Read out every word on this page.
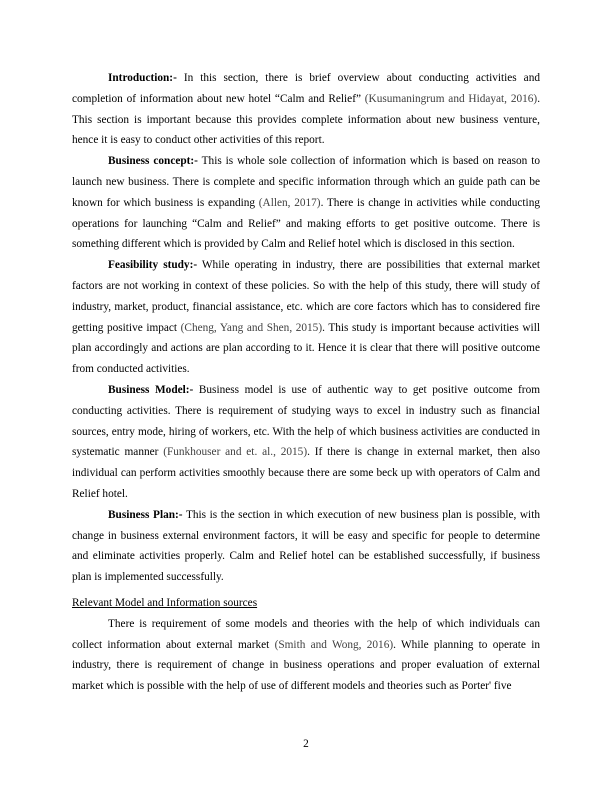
Introduction:- In this section, there is brief overview about conducting activities and completion of information about new hotel “Calm and Relief” (Kusumaningrum and Hidayat, 2016). This section is important because this provides complete information about new business venture, hence it is easy to conduct other activities of this report.

Business concept:- This is whole sole collection of information which is based on reason to launch new business. There is complete and specific information through which an guide path can be known for which business is expanding (Allen, 2017). There is change in activities while conducting operations for launching “Calm and Relief” and making efforts to get positive outcome. There is something different which is provided by Calm and Relief hotel which is disclosed in this section.

Feasibility study:- While operating in industry, there are possibilities that external market factors are not working in context of these policies. So with the help of this study, there will study of industry, market, product, financial assistance, etc. which are core factors which has to considered fire getting positive impact (Cheng, Yang and Shen, 2015). This study is important because activities will plan accordingly and actions are plan according to it. Hence it is clear that there will positive outcome from conducted activities.

Business Model:- Business model is use of authentic way to get positive outcome from conducting activities. There is requirement of studying ways to excel in industry such as financial sources, entry mode, hiring of workers, etc. With the help of which business activities are conducted in systematic manner (Funkhouser and et. al., 2015). If there is change in external market, then also individual can perform activities smoothly because there are some beck up with operators of Calm and Relief hotel.

Business Plan:- This is the section in which execution of new business plan is possible, with change in business external environment factors, it will be easy and specific for people to determine and eliminate activities properly. Calm and Relief hotel can be established successfully, if business plan is implemented successfully.

Relevant Model and Information sources

There is requirement of some models and theories with the help of which individuals can collect information about external market (Smith and Wong, 2016). While planning to operate in industry, there is requirement of change in business operations and proper evaluation of external market which is possible with the help of use of different models and theories such as Porter' five

2
